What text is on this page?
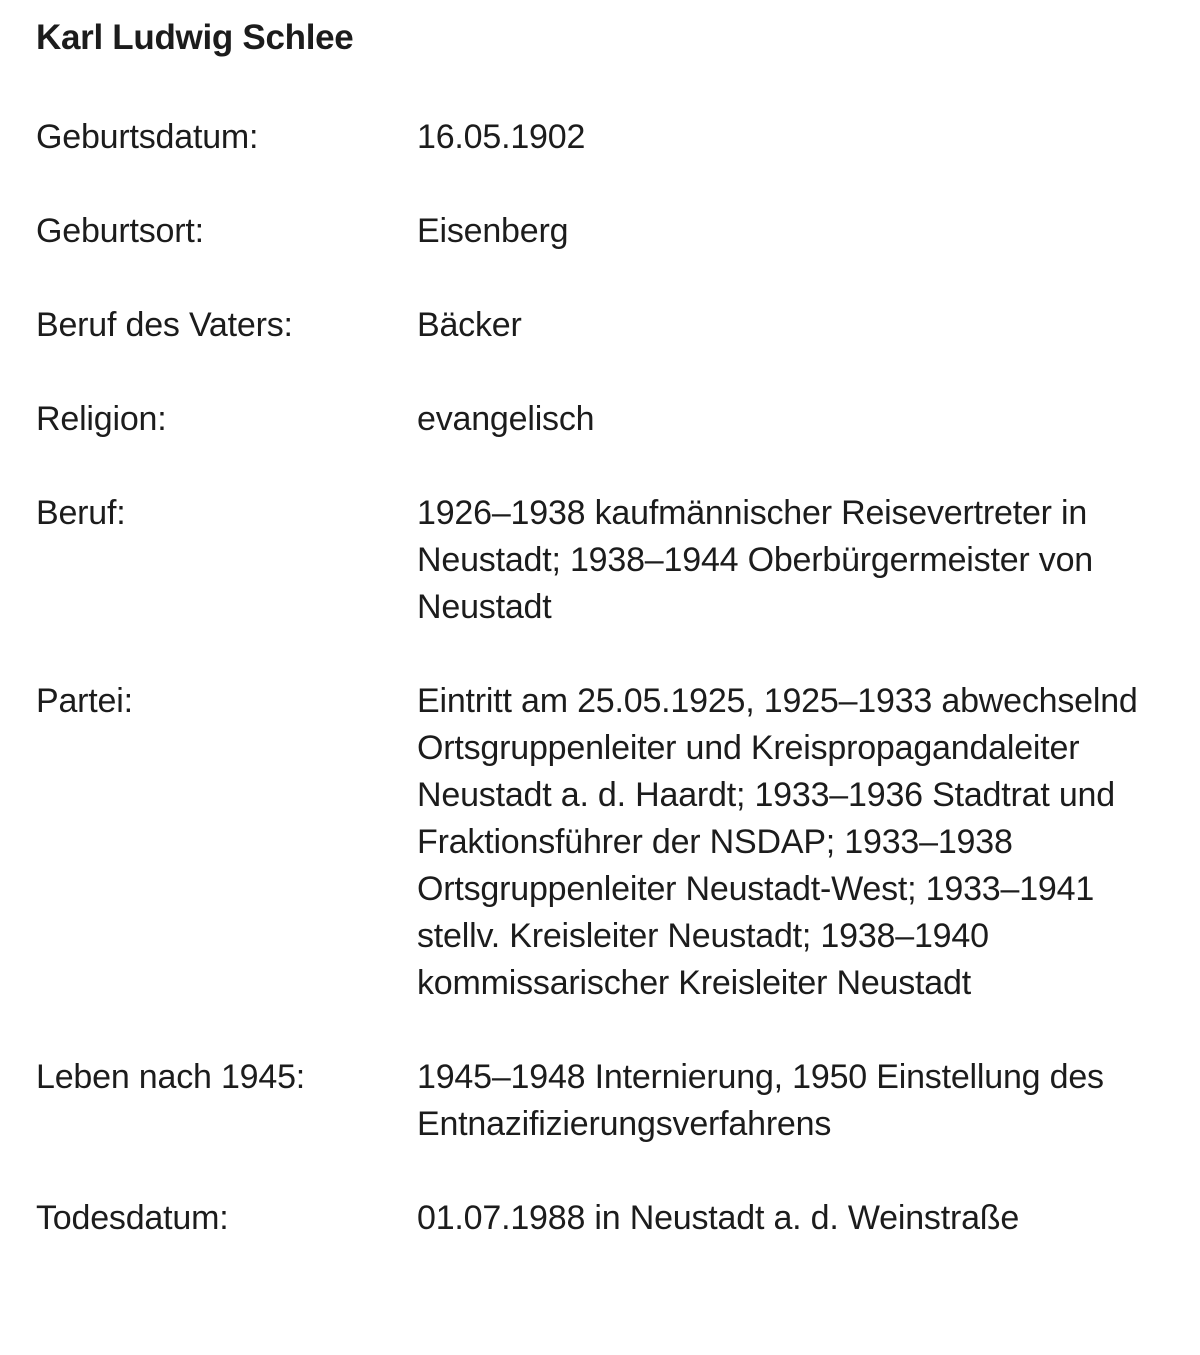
Karl Ludwig Schlee
Geburtsdatum:	16.05.1902
Geburtsort:	Eisenberg
Beruf des Vaters:	Bäcker
Religion:	evangelisch
Beruf:	1926–1938 kaufmännischer Reisevertreter in Neustadt; 1938–1944 Oberbürgermeister von Neustadt
Partei:	Eintritt am 25.05.1925, 1925–1933 abwechselnd Ortsgruppenleiter und Kreispropagandaleiter Neustadt a. d. Haardt; 1933–1936 Stadtrat und Fraktionsführer der NSDAP; 1933–1938 Ortsgruppenleiter Neustadt-West; 1933–1941 stellv. Kreisleiter Neustadt; 1938–1940 kommissarischer Kreisleiter Neustadt
Leben nach 1945:	1945–1948 Internierung, 1950 Einstellung des Entnazifizierungsverfahrens
Todesdatum:	01.07.1988 in Neustadt a. d. Weinstraße
